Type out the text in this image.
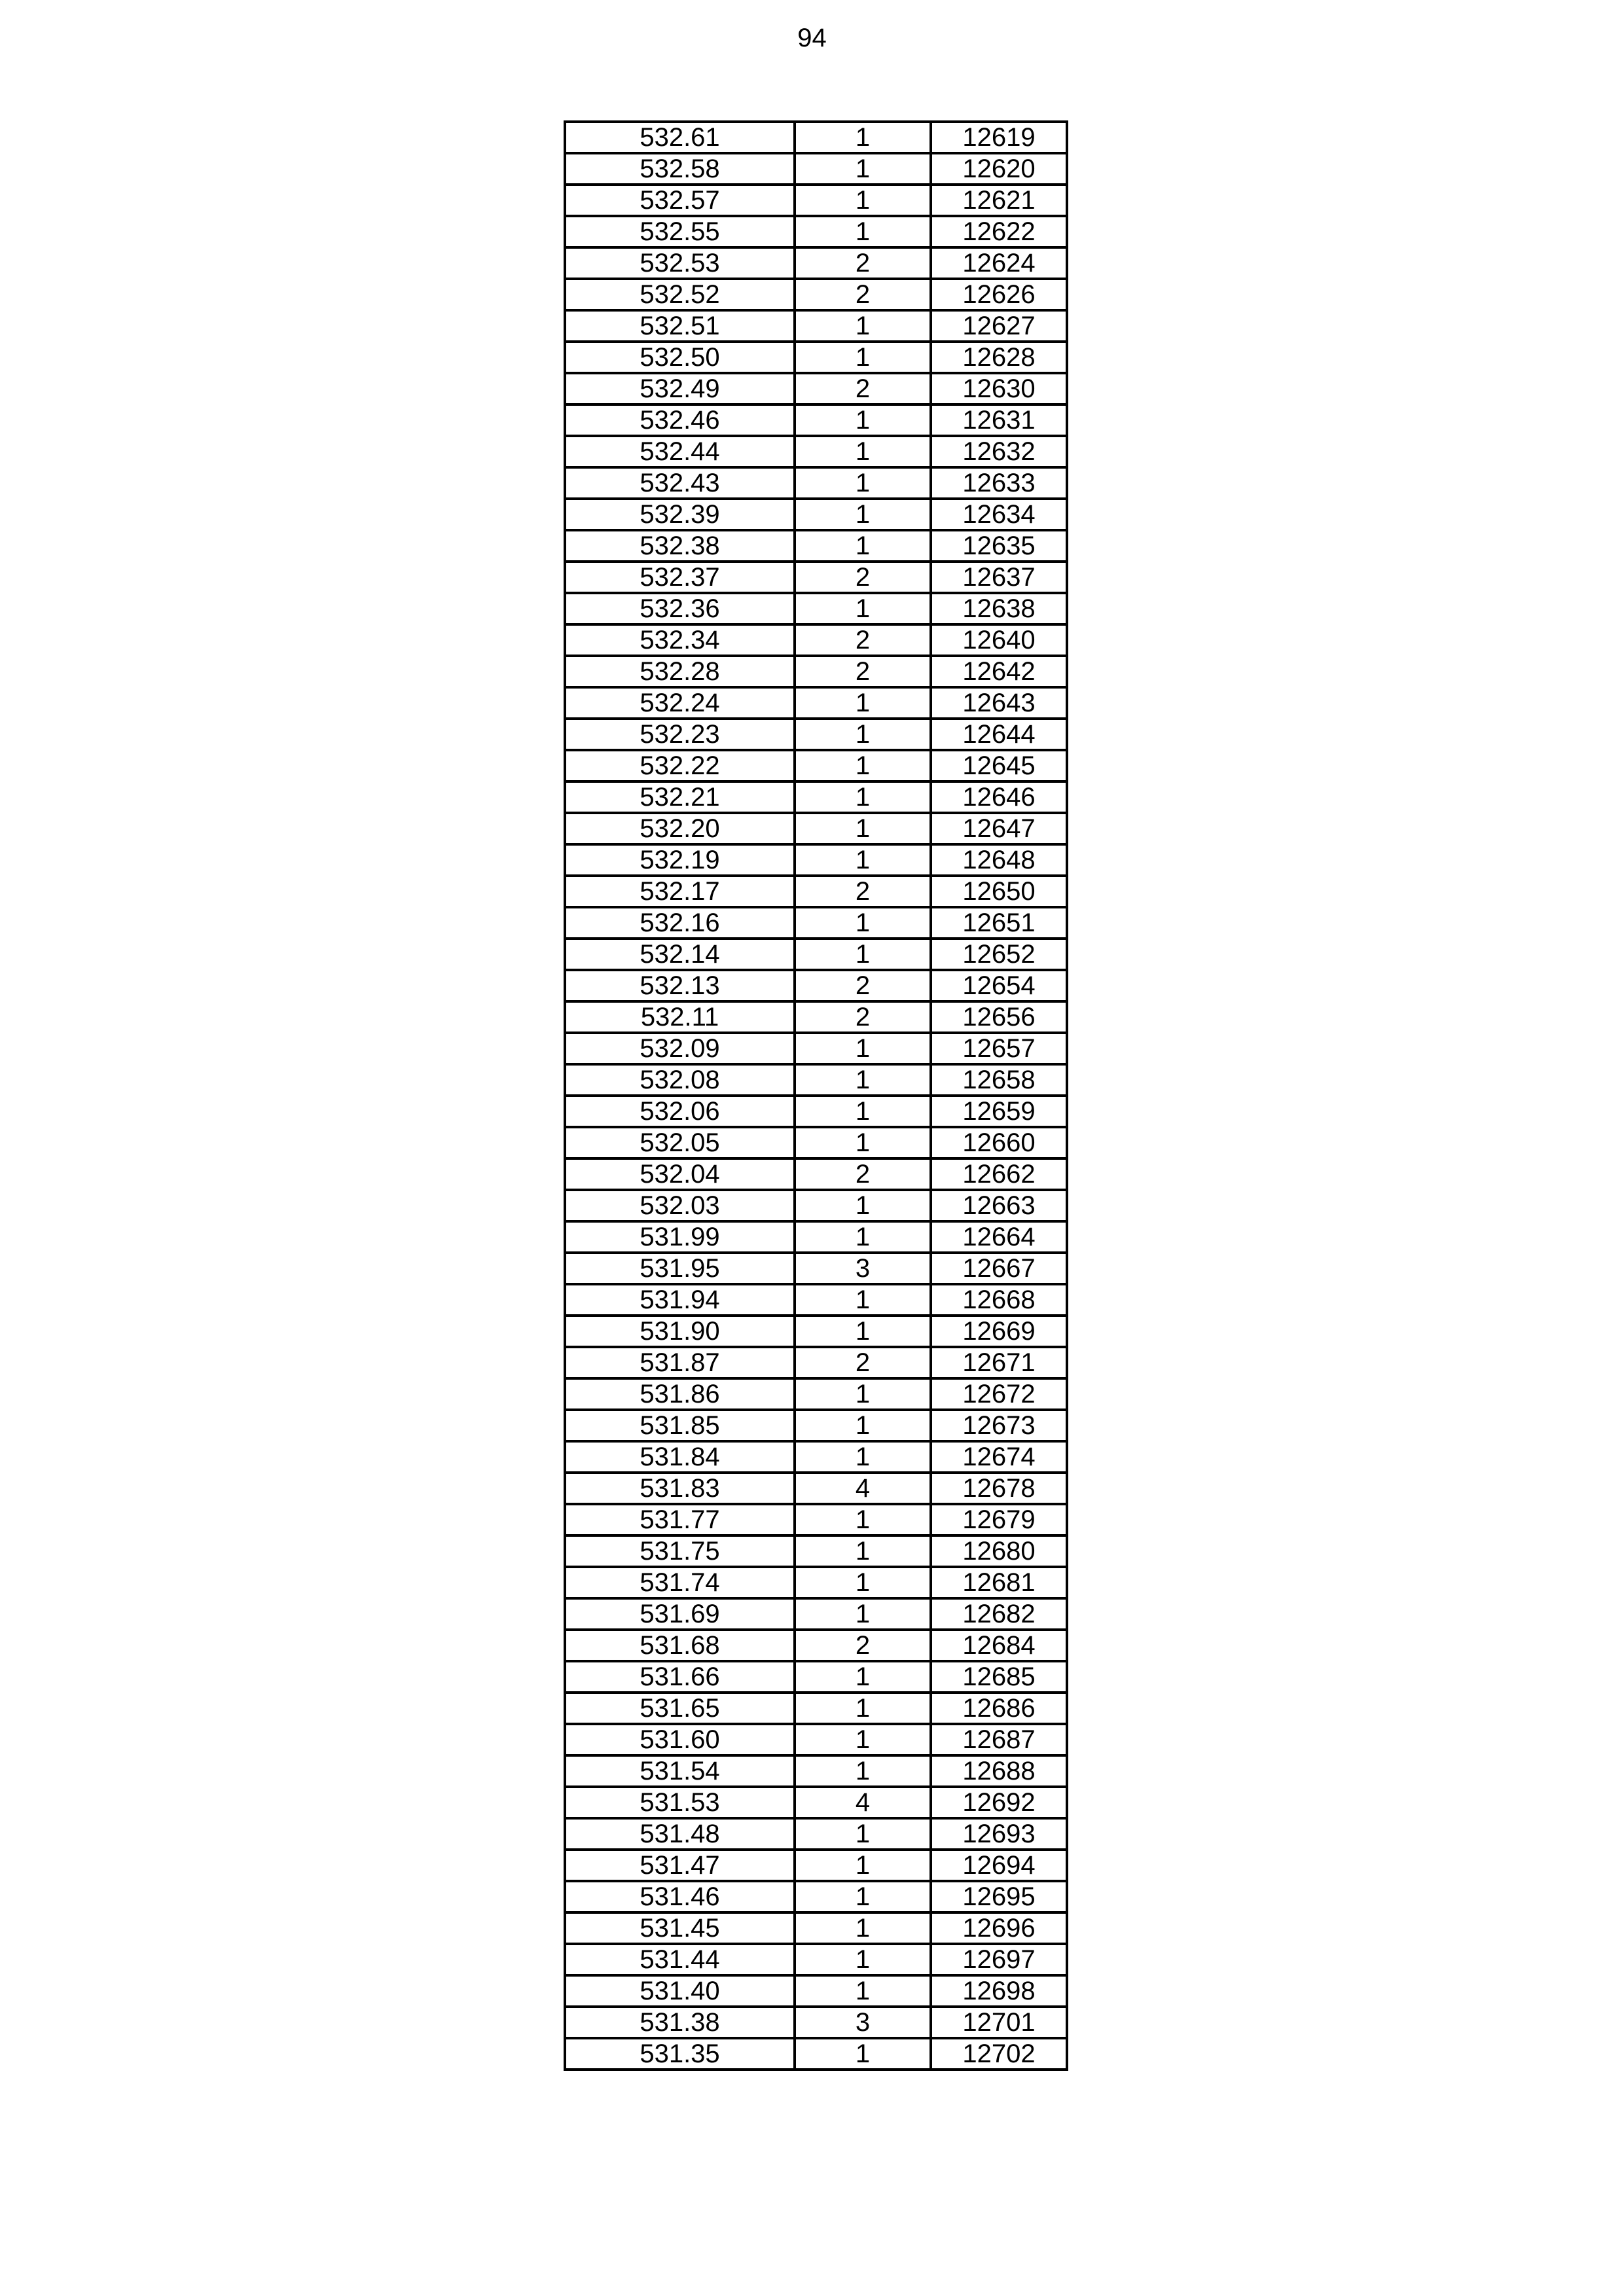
94
532.61	1	12619
532.58	1	12620
532.57	1	12621
532.55	1	12622
532.53	2	12624
532.52	2	12626
532.51	1	12627
532.50	1	12628
532.49	2	12630
532.46	1	12631
532.44	1	12632
532.43	1	12633
532.39	1	12634
532.38	1	12635
532.37	2	12637
532.36	1	12638
532.34	2	12640
532.28	2	12642
532.24	1	12643
532.23	1	12644
532.22	1	12645
532.21	1	12646
532.20	1	12647
532.19	1	12648
532.17	2	12650
532.16	1	12651
532.14	1	12652
532.13	2	12654
532.11	2	12656
532.09	1	12657
532.08	1	12658
532.06	1	12659
532.05	1	12660
532.04	2	12662
532.03	1	12663
531.99	1	12664
531.95	3	12667
531.94	1	12668
531.90	1	12669
531.87	2	12671
531.86	1	12672
531.85	1	12673
531.84	1	12674
531.83	4	12678
531.77	1	12679
531.75	1	12680
531.74	1	12681
531.69	1	12682
531.68	2	12684
531.66	1	12685
531.65	1	12686
531.60	1	12687
531.54	1	12688
531.53	4	12692
531.48	1	12693
531.47	1	12694
531.46	1	12695
531.45	1	12696
531.44	1	12697
531.40	1	12698
531.38	3	12701
531.35	1	12702
